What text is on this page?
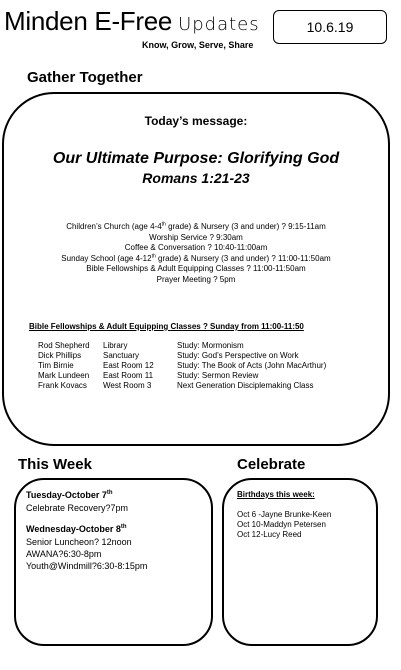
Minden E-Free Updates
Know, Grow, Serve, Share
10.6.19
Gather Together
Today’s message:
Our Ultimate Purpose: Glorifying God
Romans 1:21-23
Children’s Church (age 4-4th grade) & Nursery (3 and under) ? 9:15-11am
Worship Service ? 9:30am
Coffee & Conversation ? 10:40-11:00am
Sunday School (age 4-12th grade) & Nursery (3 and under) ? 11:00-11:50am
Bible Fellowships & Adult Equipping Classes ? 11:00-11:50am
Prayer Meeting ? 5pm
Bible Fellowships & Adult Equipping Classes ? Sunday from 11:00-11:50
Rod Shepherd	Library	Study: Mormonism
Dick Phillips	Sanctuary	Study: God’s Perspective on Work
Tim Birnie	East Room 12	Study: The Book of Acts (John MacArthur)
Mark Lundeen	East Room 11	Study: Sermon Review
Frank Kovacs	West Room 3	Next Generation Disciplemaking Class
This Week
Tuesday-October 7th
Celebrate Recovery?7pm
Wednesday-October 8th
Senior Luncheon? 12noon
AWANA?6:30-8pm
Youth@Windmill?6:30-8:15pm
Celebrate
Birthdays this week:
Oct 6 -Jayne Brunke-Keen
Oct 10-Maddyn Petersen
Oct 12-Lucy Reed
